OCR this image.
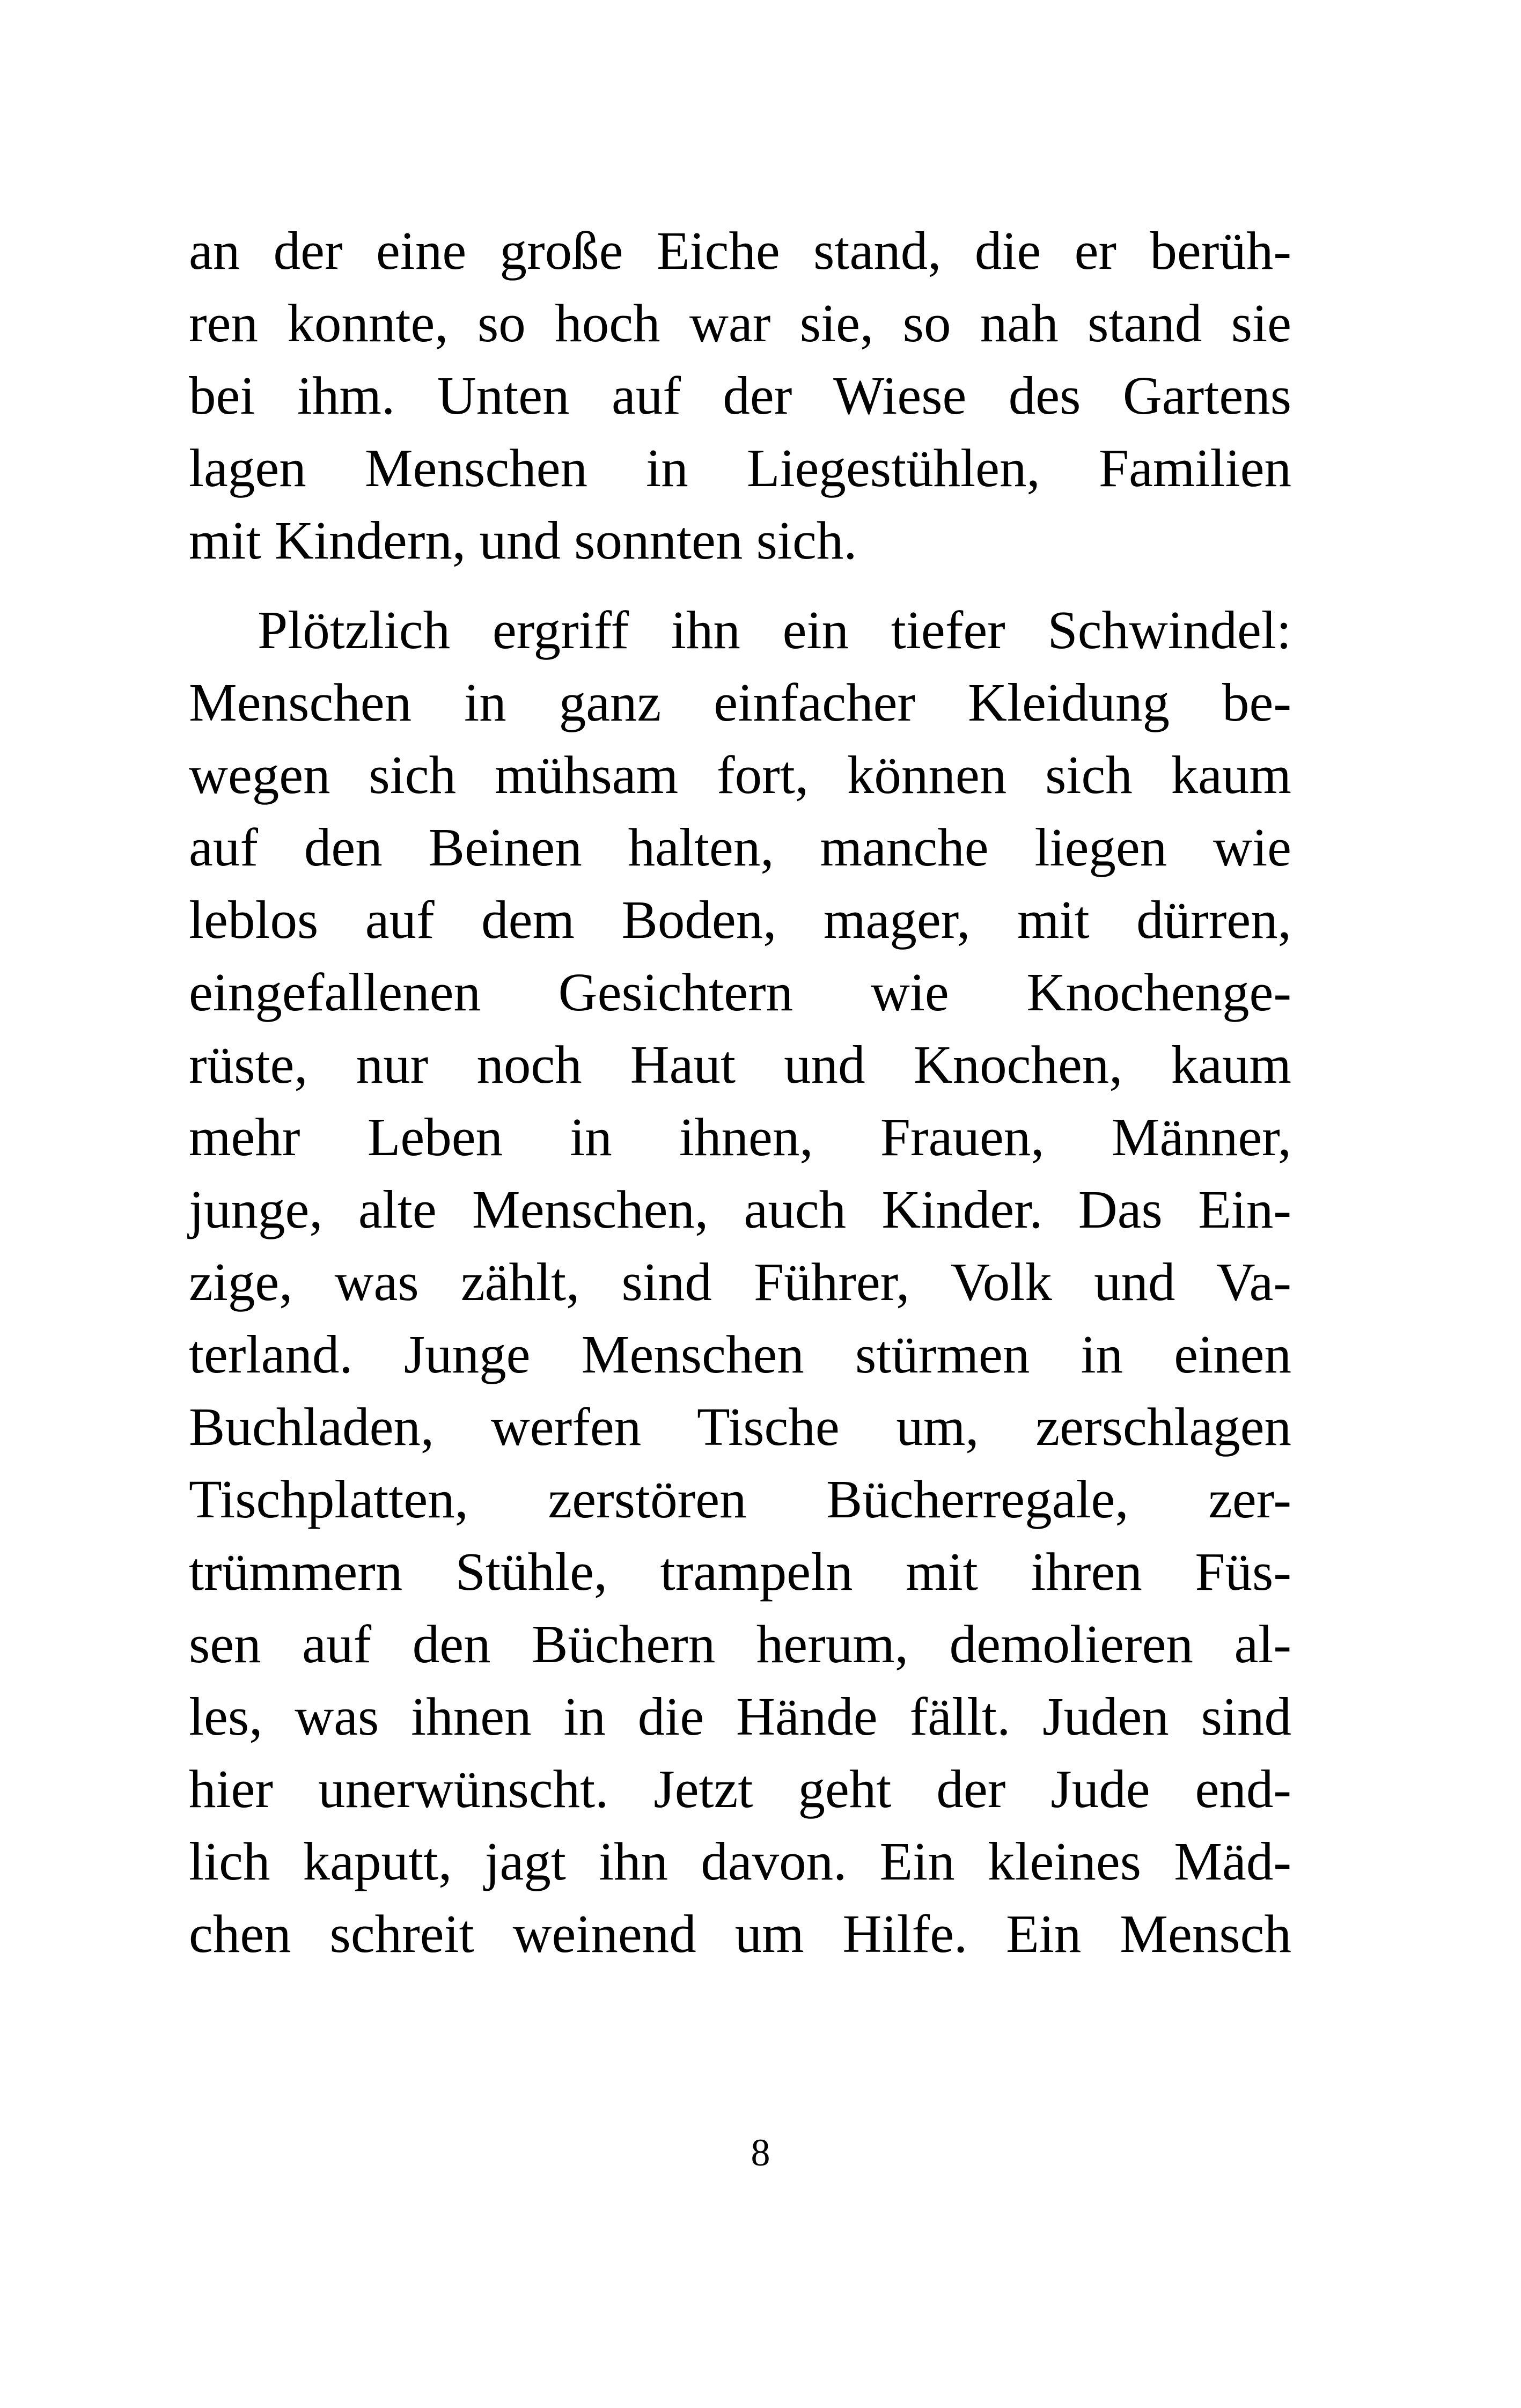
an der eine große Eiche stand, die er berüh-
ren konnte, so hoch war sie, so nah stand sie
bei ihm. Unten auf der Wiese des Gartens
lagen Menschen in Liegestühlen, Familien
mit Kindern, und sonnten sich.

Plötzlich ergriff ihn ein tiefer Schwindel:
Menschen in ganz einfacher Kleidung be-
wegen sich mühsam fort, können sich kaum
auf den Beinen halten, manche liegen wie
leblos auf dem Boden, mager, mit dürren,
eingefallenen Gesichtern wie Knochenge-
rüste, nur noch Haut und Knochen, kaum
mehr Leben in ihnen, Frauen, Männer,
junge, alte Menschen, auch Kinder. Das Ein-
zige, was zählt, sind Führer, Volk und Va-
terland. Junge Menschen stürmen in einen
Buchladen, werfen Tische um, zerschlagen
Tischplatten, zerstören Bücherregale, zer-
trümmern Stühle, trampeln mit ihren Füs-
sen auf den Büchern herum, demolieren al-
les, was ihnen in die Hände fällt. Juden sind
hier unerwünscht. Jetzt geht der Jude end-
lich kaputt, jagt ihn davon. Ein kleines Mäd-
chen schreit weinend um Hilfe. Ein Mensch

8
